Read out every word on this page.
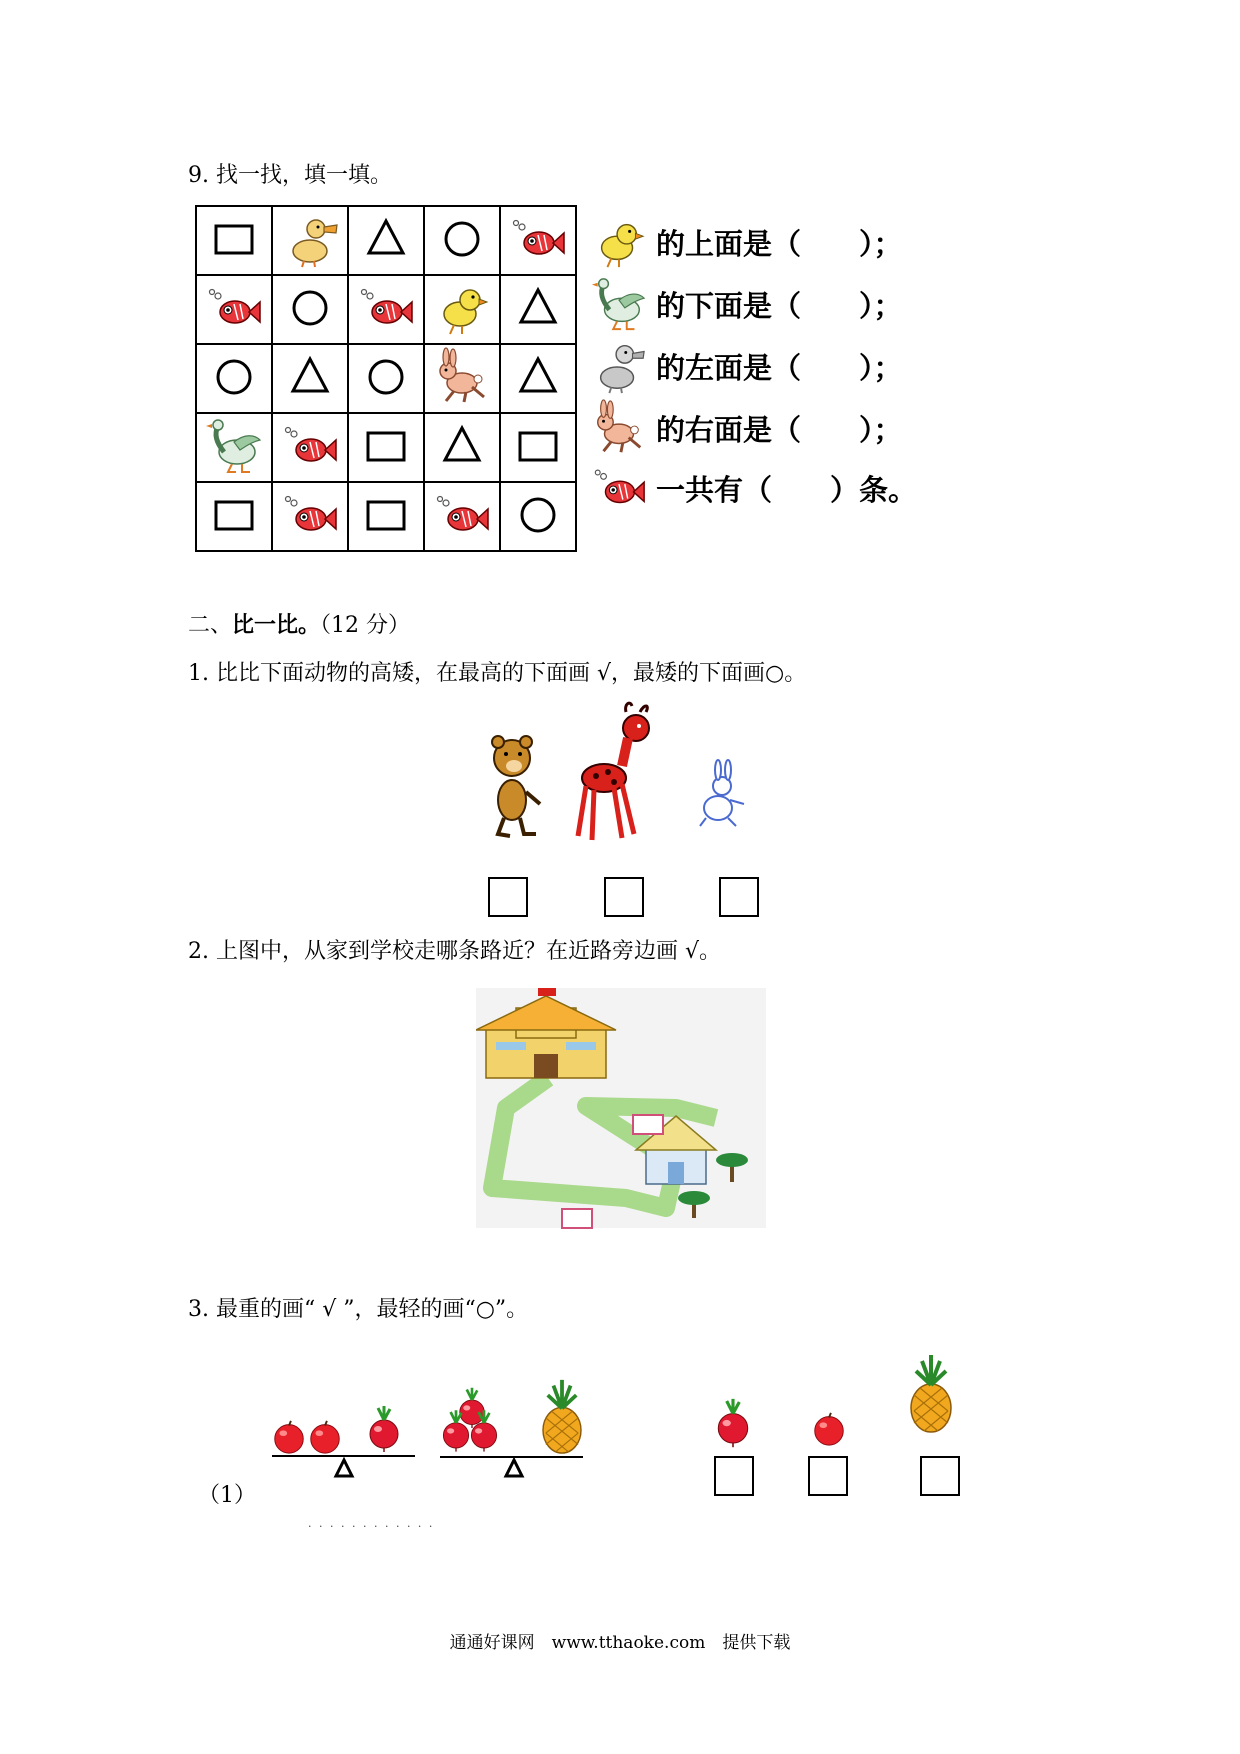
9. 找一找，填一填。

的上面是（　　）；
的下面是（　　）；
的左面是（　　）；
的右面是（　　）；
一共有（　　）条。
二、比一比。（12 分）
1. 比比下面动物的高矮，在最高的下面画 √，最矮的下面画○。
2. 上图中，从家到学校走哪条路近？在近路旁边画 √。
3. 最重的画“ √ ”，最轻的画“○”。
（1）
· · · · · · · · · · · ·
通通好课网　www.tthaoke.com　提供下载
